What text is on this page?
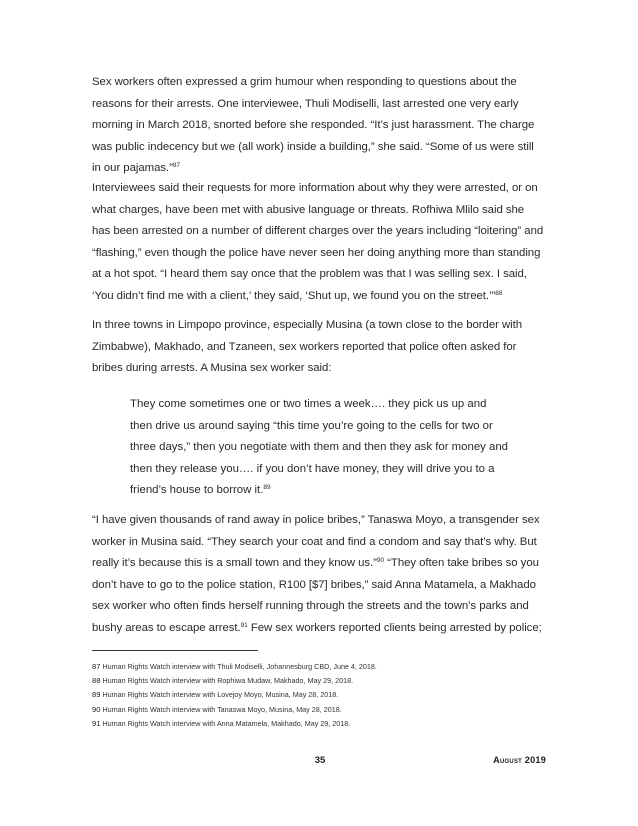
Sex workers often expressed a grim humour when responding to questions about the reasons for their arrests. One interviewee, Thuli Modiselli, last arrested one very early morning in March 2018, snorted before she responded. “It’s just harassment. The charge was public indecency but we (all work) inside a building,” she said. “Some of us were still in our pajamas.”$^{87}$

Interviewees said their requests for more information about why they were arrested, or on what charges, have been met with abusive language or threats. Rofhiwa Mlilo said she has been arrested on a number of different charges over the years including “loitering” and “flashing,” even though the police have never seen her doing anything more than standing at a hot spot. “I heard them say once that the problem was that I was selling sex. I said, ‘You didn’t find me with a client,’ they said, ‘Shut up, we found you on the street.’”$^{88}$

In three towns in Limpopo province, especially Musina (a town close to the border with Zimbabwe), Makhado, and Tzaneen, sex workers reported that police often asked for bribes during arrests. A Musina sex worker said:

They come sometimes one or two times a week…. they pick us up and then drive us around saying “this time you’re going to the cells for two or three days,” then you negotiate with them and then they ask for money and then they release you…. if you don’t have money, they will drive you to a friend’s house to borrow it.$^{89}$

“I have given thousands of rand away in police bribes,” Tanaswa Moyo, a transgender sex worker in Musina said. “They search your coat and find a condom and say that’s why. But really it’s because this is a small town and they know us.”$^{90}$ “They often take bribes so you don’t have to go to the police station, R100 [$7] bribes,” said Anna Matamela, a Makhado sex worker who often finds herself running through the streets and the town’s parks and bushy areas to escape arrest.$^{91}$ Few sex workers reported clients being arrested by police;

87 Human Rights Watch interview with Thuli Modiselli, Johannesburg CBD, June 4, 2018.
88 Human Rights Watch interview with Rophiwa Mudaw, Makhado, May 29, 2018.
89 Human Rights Watch interview with Lovejoy Moyo, Musina, May 28, 2018.
90 Human Rights Watch interview with Tanaswa Moyo, Musina, May 28, 2018.
91 Human Rights Watch interview with Anna Matamela, Makhado, May 29, 2018.
35	August 2019
